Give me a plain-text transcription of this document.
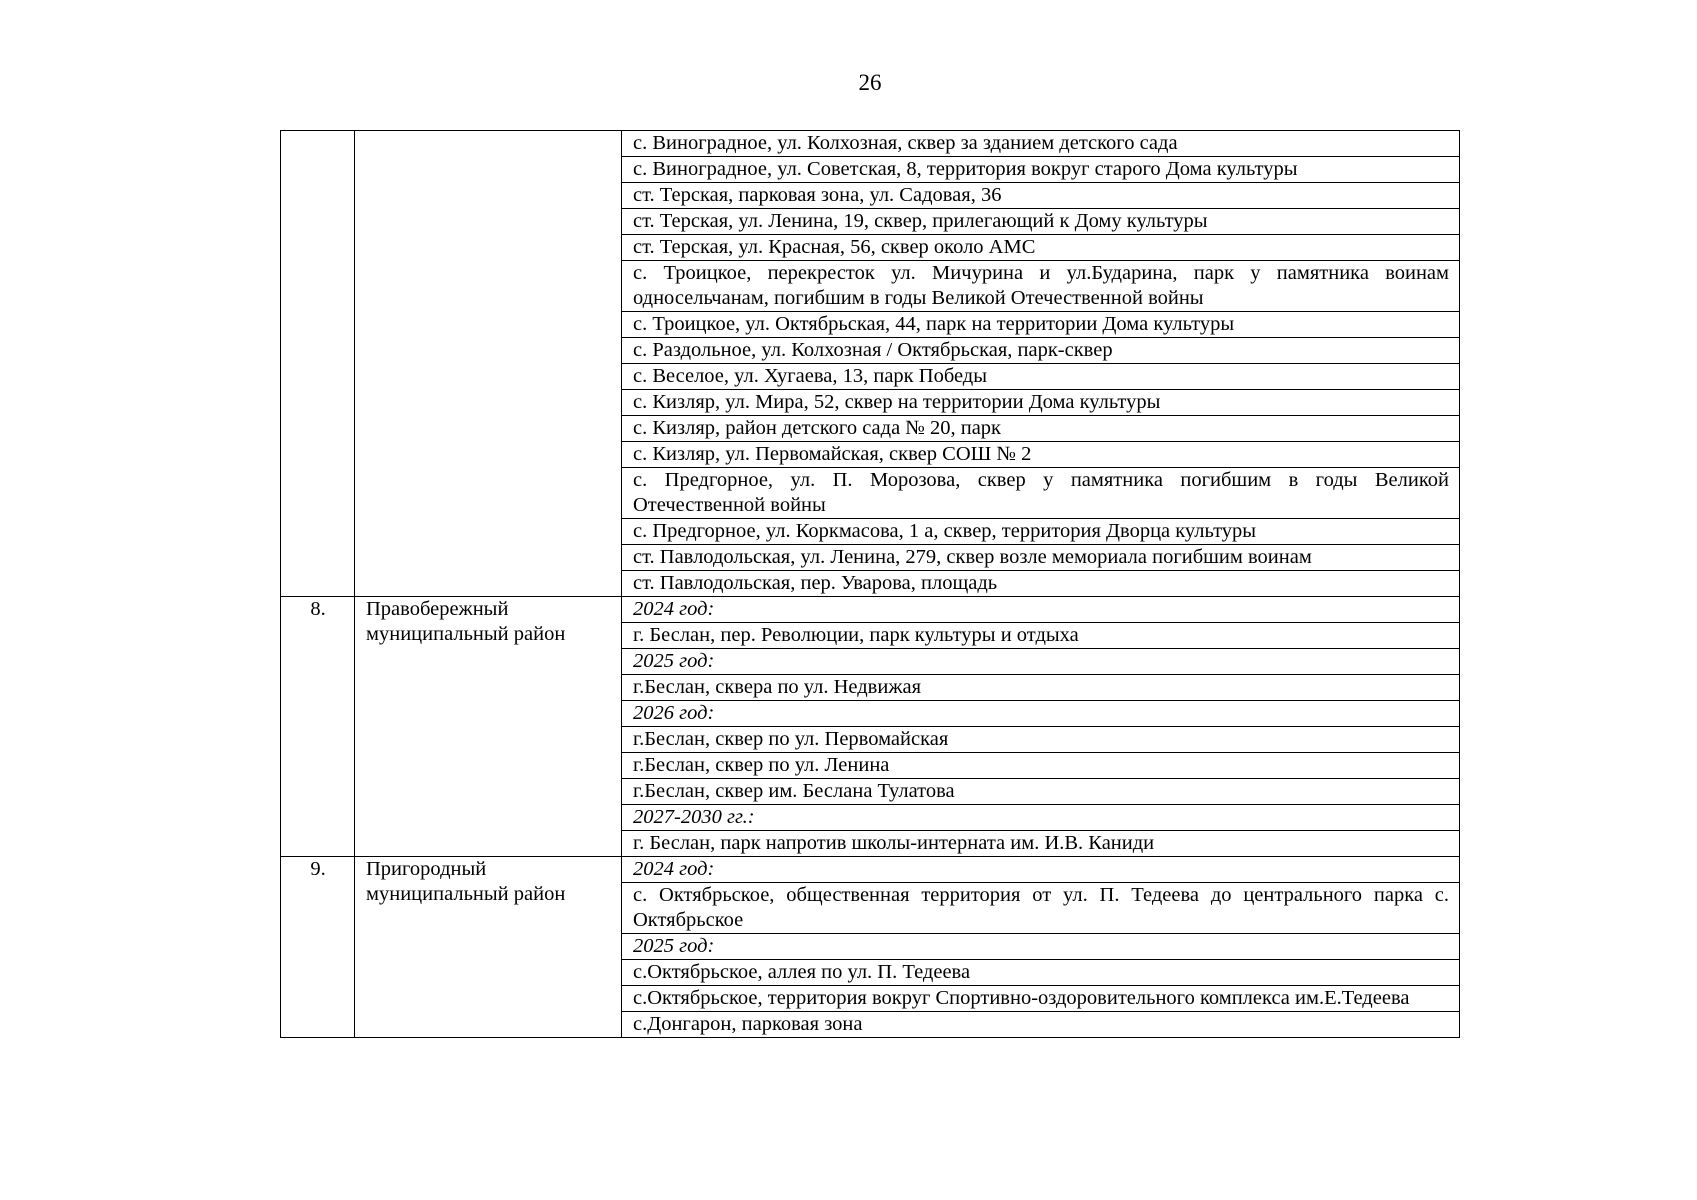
26
		с. Виноградное, ул. Колхозная, сквер за зданием детского сада
		с. Виноградное, ул. Советская, 8, территория вокруг старого Дома культуры
		ст. Терская, парковая зона, ул. Садовая, 36
		ст. Терская, ул. Ленина, 19, сквер, прилегающий к Дому культуры
		ст. Терская, ул. Красная, 56, сквер около АМС
		с. Троицкое, перекресток ул. Мичурина и ул.Бударина, парк у памятника воинам односельчанам, погибшим в годы Великой Отечественной войны
		с. Троицкое, ул. Октябрьская, 44, парк на территории Дома культуры
		с. Раздольное, ул. Колхозная / Октябрьская, парк-сквер
		с. Веселое, ул. Хугаева, 13, парк Победы
		с. Кизляр, ул. Мира, 52, сквер на территории Дома культуры
		с. Кизляр, район детского сада № 20, парк
		с. Кизляр, ул. Первомайская, сквер СОШ № 2
		с. Предгорное, ул. П. Морозова, сквер у памятника погибшим в годы Великой Отечественной войны
		с. Предгорное, ул. Коркмасова, 1 а, сквер, территория Дворца культуры
		ст. Павлодольская, ул. Ленина, 279, сквер возле мемориала погибшим воинам
		ст. Павлодольская, пер. Уварова, площадь
8.	Правобережный муниципальный район	2024 год:
		г. Беслан, пер. Революции, парк культуры и отдыха
		2025 год:
		г.Беслан, сквера по ул. Недвижая
		2026 год:
		г.Беслан, сквер по ул. Первомайская
		г.Беслан, сквер по ул. Ленина
		г.Беслан, сквер им. Беслана Тулатова
		2027-2030 гг.:
		г. Беслан, парк напротив школы-интерната им. И.В. Каниди
9.	Пригородный муниципальный район	2024 год:
		с. Октябрьское, общественная территория от ул. П. Тедеева до центрального парка с. Октябрьское
		2025 год:
		с.Октябрьское, аллея по ул. П. Тедеева
		с.Октябрьское, территория вокруг Спортивно-оздоровительного комплекса им.Е.Тедеева
		с.Донгарон, парковая зона
